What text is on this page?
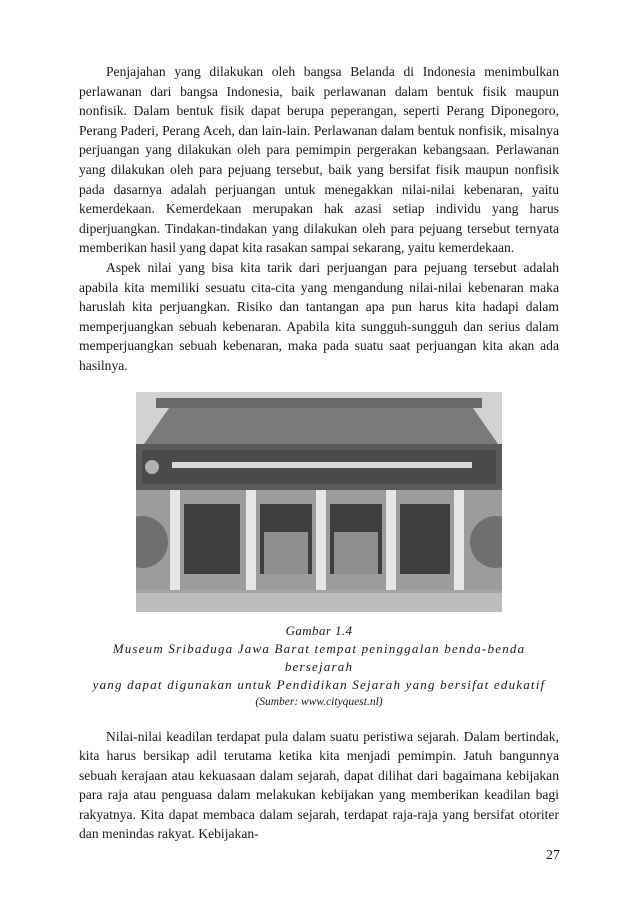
Penjajahan yang dilakukan oleh bangsa Belanda di Indonesia menimbulkan perlawanan dari bangsa Indonesia, baik perlawanan dalam bentuk fisik maupun nonfisik. Dalam bentuk fisik dapat berupa peperangan, seperti Perang Diponegoro, Perang Paderi, Perang Aceh, dan lain-lain. Perlawanan dalam bentuk nonfisik, misalnya perjuangan yang dilakukan oleh para pemimpin pergerakan kebangsaan. Perlawanan yang dilakukan oleh para pejuang tersebut, baik yang bersifat fisik maupun nonfisik pada dasarnya adalah perjuangan untuk menegakkan nilai-nilai kebenaran, yaitu kemerdekaan. Kemerdekaan merupakan hak azasi setiap individu yang harus diperjuangkan. Tindakan-tindakan yang dilakukan oleh para pejuang tersebut ternyata memberikan hasil yang dapat kita rasakan sampai sekarang, yaitu kemerdekaan.

Aspek nilai yang bisa kita tarik dari perjuangan para pejuang tersebut adalah apabila kita memiliki sesuatu cita-cita yang mengandung nilai-nilai kebenaran maka haruslah kita perjuangkan. Risiko dan tantangan apa pun harus kita hadapi dalam memperjuangkan sebuah kebenaran. Apabila kita sungguh-sungguh dan serius dalam memperjuangkan sebuah kebenaran, maka pada suatu saat perjuangan kita akan ada hasilnya.

Gambar 1.4
Museum Sribaduga Jawa Barat tempat peninggalan benda-benda bersejarah
yang dapat digunakan untuk Pendidikan Sejarah yang bersifat edukatif
(Sumber: www.cityquest.nl)

Nilai-nilai keadilan terdapat pula dalam suatu peristiwa sejarah. Dalam bertindak, kita harus bersikap adil terutama ketika kita menjadi pemimpin. Jatuh bangunnya sebuah kerajaan atau kekuasaan dalam sejarah, dapat dilihat dari bagaimana kebijakan para raja atau penguasa dalam melakukan kebijakan yang memberikan keadilan bagi rakyatnya. Kita dapat membaca dalam sejarah, terdapat raja-raja yang bersifat otoriter dan menindas rakyat. Kebijakan-

27
